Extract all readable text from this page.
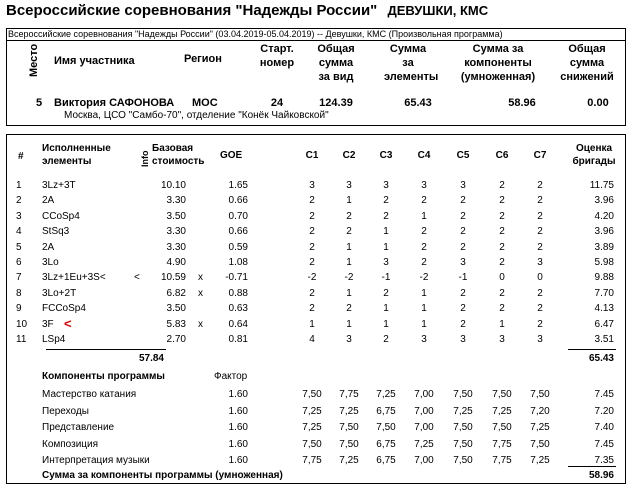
Всероссийские соревнования "Надежды России" ДЕВУШКИ, КМС
Всероссийские соревнования "Надежды России" (03.04.2019-05.04.2019) -- Девушки, КМС (Произвольная программа)
Место Имя участника	Регион
Старт. номер
Общая сумма за вид
Сумма за элементы
Сумма за компоненты (умноженная)
Общая сумма снижений
5 Виктория САФОНОВА МОС	24	124.39	65.43	58.96	0.00
Москва, ЦСО "Самбо-70", отделение "Конёк Чайковской"
#
Исполненные элементы	Info
Базовая стоимость
GOE	C1	C2	C3	C4	C5	C6	C7
Оценка бригады
1 3Lz+3T	10.10	1.65	3	3	3	3	3	2	2	11.75
2 2A	3.30	0.66	2	1	2	2	2	2	2	3.96
3 CCoSp4	3.50	0.70	2	2	2	1	2	2	2	4.20
4 StSq3	3.30	0.66	2	2	1	2	2	2	2	3.96
5 2A	3.30	0.59	2	1	1	2	2	2	2	3.89
6 3Lo	4.90	1.08	2	1	3	2	3	2	3	5.98
7 3Lz+1Eu+3S<	<	10.59 x	-0.71	-2	-2	-1	-2	-1	0	0	9.88
8 3Lo+2T	6.82 x	0.88	2	1	2	1	2	2	2	7.70
9 FCCoSp4	3.50	0.63	2	2	1	1	2	2	2	4.13
10 3F <	5.83 x	0.64	1	1	1	1	2	1	2	6.47
11 LSp4	2.70	0.81	4	3	2	3	3	3	3	3.51
57.84	65.43
Компоненты программы	Фактор
Мастерство катания	1.60	7,50	7,75	7,25	7,00	7,50	7,50	7,50	7.45
Переходы	1.60	7,25	7,25	6,75	7,00	7,25	7,25	7,20	7.20
Представление	1.60	7,25	7,50	7,50	7,00	7,50	7,50	7,25	7.40
Композиция	1.60	7,50	7,50	6,75	7,25	7,50	7,75	7,50	7.45
Интерпретация музыки	1.60	7,75	7,25	6,75	7,00	7,50	7,75	7,25	7.35
Сумма за компоненты программы (умноженная)	58.96
